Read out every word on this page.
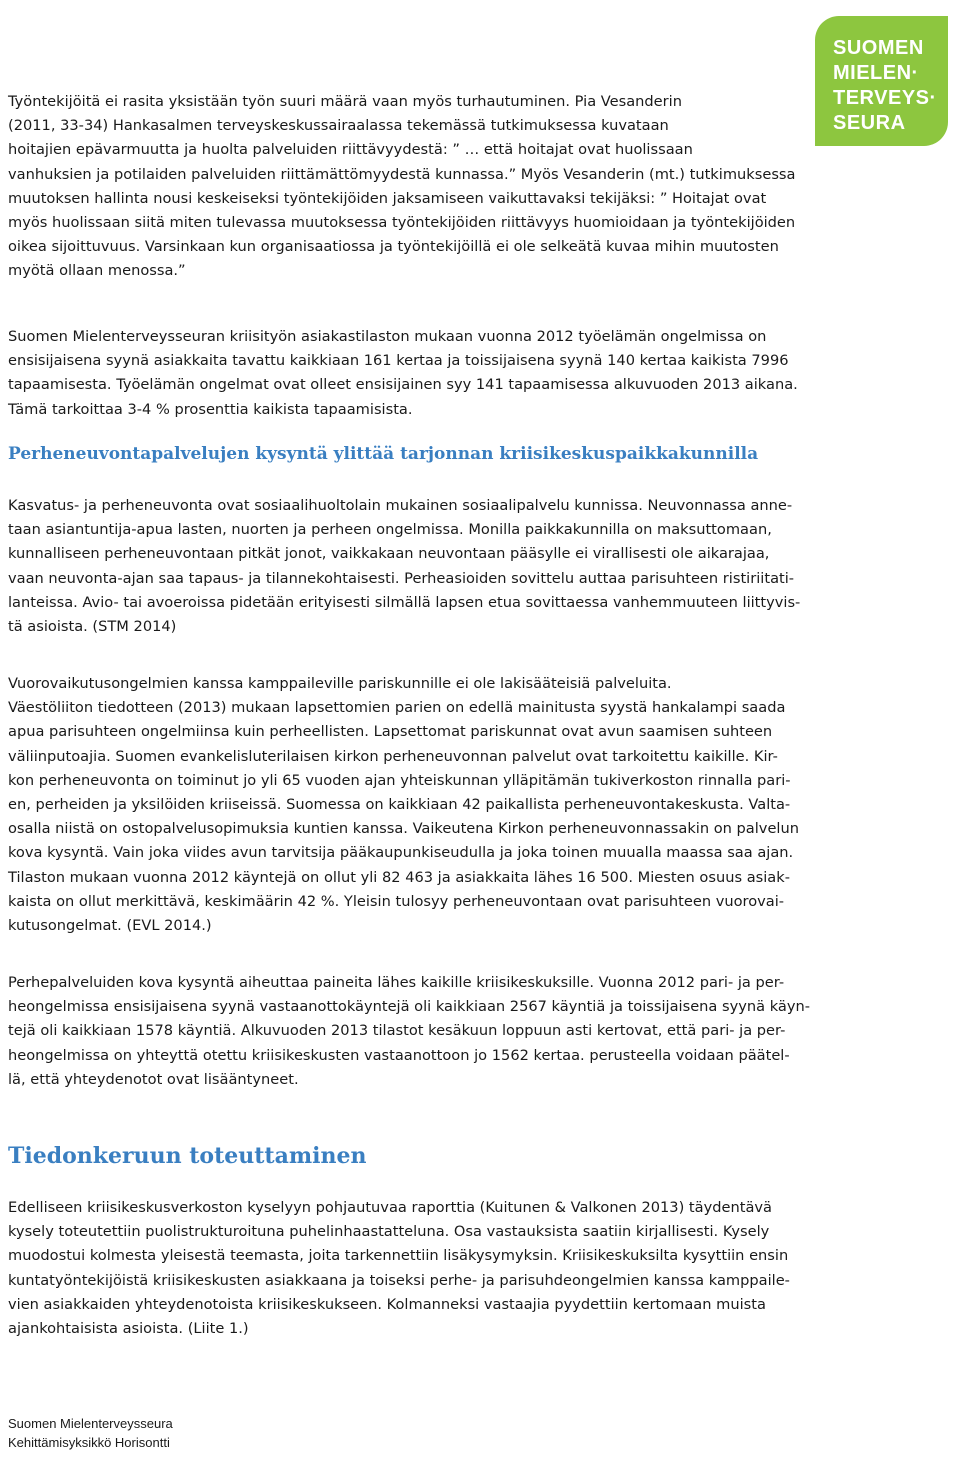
SUOMEN
MIELEN·
TERVEYS·
SEURA
Työntekijöitä ei rasita yksistään työn suuri määrä vaan myös turhautuminen. Pia Vesanderin
(2011, 33-34) Hankasalmen terveyskeskussairaalassa tekemässä tutkimuksessa kuvataan
hoitajien epävarmuutta ja huolta palveluiden riittävyydestä: ” … että hoitajat ovat huolissaan
vanhuksien ja potilaiden palveluiden riittämättömyydestä kunnassa.” Myös Vesanderin (mt.) tutkimuksessa
muutoksen hallinta nousi keskeiseksi työntekijöiden jaksamiseen vaikuttavaksi tekijäksi: ” Hoitajat ovat
myös huolissaan siitä miten tulevassa muutoksessa työntekijöiden riittävyys huomioidaan ja työntekijöiden
oikea sijoittuvuus. Varsinkaan kun organisaatiossa ja työntekijöillä ei ole selkeätä kuvaa mihin muutosten
myötä ollaan menossa.”
Suomen Mielenterveysseuran kriisityön asiakastilaston mukaan vuonna 2012 työelämän ongelmissa on
ensisijaisena syynä asiakkaita tavattu kaikkiaan 161 kertaa ja toissijaisena syynä 140 kertaa kaikista 7996
tapaamisesta. Työelämän ongelmat ovat olleet ensisijainen syy 141 tapaamisessa alkuvuoden 2013 aikana.
Tämä tarkoittaa 3-4 % prosenttia kaikista tapaamisista.
Perheneuvontapalvelujen kysyntä ylittää tarjonnan kriisikeskuspaikkakunnilla
Kasvatus- ja perheneuvonta ovat sosiaalihuoltolain mukainen sosiaalipalvelu kunnissa. Neuvonnassa anne-
taan asiantuntija-apua lasten, nuorten ja perheen ongelmissa. Monilla paikkakunnilla on maksuttomaan,
kunnalliseen perheneuvontaan pitkät jonot, vaikkakaan neuvontaan pääsylle ei virallisesti ole aikarajaa,
vaan neuvonta-ajan saa tapaus- ja tilannekohtaisesti. Perheasioiden sovittelu auttaa parisuhteen ristiriitati-
lanteissa. Avio- tai avoeroissa pidetään erityisesti silmällä lapsen etua sovittaessa vanhemmuuteen liittyvis-
tä asioista. (STM 2014)
Vuorovaikutusongelmien kanssa kamppaileville pariskunnille ei ole lakisääteisiä palveluita.
Väestöliiton tiedotteen (2013) mukaan lapsettomien parien on edellä mainitusta syystä hankalampi saada
apua parisuhteen ongelmiinsa kuin perheellisten. Lapsettomat pariskunnat ovat avun saamisen suhteen
väliinputoajia. Suomen evankelisluterilaisen kirkon perheneuvonnan palvelut ovat tarkoitettu kaikille. Kir-
kon perheneuvonta on toiminut jo yli 65 vuoden ajan yhteiskunnan ylläpitämän tukiverkoston rinnalla pari-
en, perheiden ja yksilöiden kriiseissä. Suomessa on kaikkiaan 42 paikallista perheneuvontakeskusta. Valta-
osalla niistä on ostopalvelusopimuksia kuntien kanssa. Vaikeutena Kirkon perheneuvonnassakin on palvelun
kova kysyntä. Vain joka viides avun tarvitsija pääkaupunkiseudulla ja joka toinen muualla maassa saa ajan.
Tilaston mukaan vuonna 2012 käyntejä on ollut yli 82 463 ja asiakkaita lähes 16 500. Miesten osuus asiak-
kaista on ollut merkittävä, keskimäärin 42 %. Yleisin tulosyy perheneuvontaan ovat parisuhteen vuorovai-
kutusongelmat. (EVL 2014.)
Perhepalveluiden kova kysyntä aiheuttaa paineita lähes kaikille kriisikeskuksille. Vuonna 2012 pari- ja per-
heongelmissa ensisijaisena syynä vastaanottokäyntejä oli kaikkiaan 2567 käyntiä ja toissijaisena syynä käyn-
tejä oli kaikkiaan 1578 käyntiä. Alkuvuoden 2013 tilastot kesäkuun loppuun asti kertovat, että pari- ja per-
heongelmissa on yhteyttä otettu kriisikeskusten vastaanottoon jo 1562 kertaa. perusteella voidaan päätel-
lä, että yhteydenotot ovat lisääntyneet.
Tiedonkeruun toteuttaminen
Edelliseen kriisikeskusverkoston kyselyyn pohjautuvaa raporttia (Kuitunen & Valkonen 2013) täydentävä
kysely toteutettiin puolistrukturoituna puhelinhaastatteluna. Osa vastauksista saatiin kirjallisesti. Kysely
muodostui kolmesta yleisestä teemasta, joita tarkennettiin lisäkysymyksin. Kriisikeskuksilta kysyttiin ensin
kuntatyöntekijöistä kriisikeskusten asiakkaana ja toiseksi perhe- ja parisuhdeongelmien kanssa kamppaile-
vien asiakkaiden yhteydenotoista kriisikeskukseen. Kolmanneksi vastaajia pyydettiin kertomaan muista
ajankohtaisista asioista. (Liite 1.)
Suomen Mielenterveysseura
Kehittämisyksikkö Horisontti
